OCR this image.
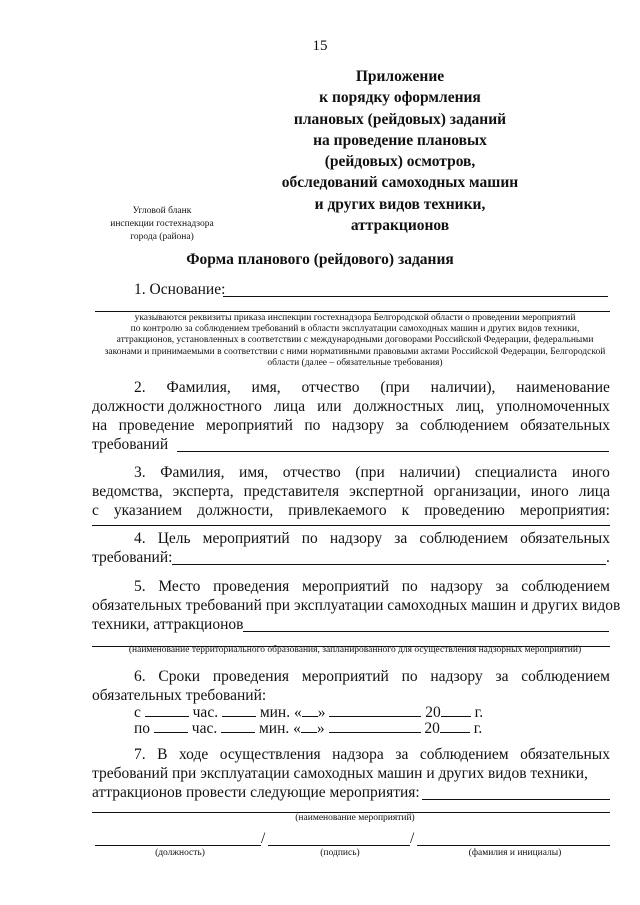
15
Приложение
к порядку оформления
плановых (рейдовых) заданий
на проведение плановых
(рейдовых) осмотров,
обследований самоходных машин
и других видов техники,
аттракционов
Угловой бланк
инспекции гостехнадзора
города (района)
Форма планового (рейдового) задания
1. Основание:
указываются реквизиты приказа инспекции гостехнадзора Белгородской области о проведении мероприятий
по контролю за соблюдением требований в области эксплуатации самоходных машин и других видов техники,
аттракционов, установленных в соответствии с международными договорами Российской Федерации, федеральными
законами и принимаемыми в соответствии с ними нормативными правовыми актами Российской Федерации, Белгородской
области (далее – обязательные требования)
2. Фамилия, имя, отчество (при наличии), наименование
должности должностного лица или должностных лиц, уполномоченных
на проведение мероприятий по надзору за соблюдением обязательных
требований
3. Фамилия, имя, отчество (при наличии) специалиста иного
ведомства, эксперта, представителя экспертной организации, иного лица
с указанием должности, привлекаемого к проведению мероприятия:
4. Цель мероприятий по надзору за соблюдением обязательных
требований:	.
5. Место проведения мероприятий по надзору за соблюдением
обязательных требований при эксплуатации самоходных машин и других видов
техники, аттракционов
(наименование территориального образования, запланированного для осуществления надзорных мероприятий)
6. Сроки проведения мероприятий по надзору за соблюдением
обязательных требований:
с	час.	мин. « »	20 г.
по	час.	мин. « »	20 г.
7. В ходе осуществления надзора за соблюдением обязательных
требований при эксплуатации самоходных машин и других видов техники,
аттракционов провести следующие мероприятия:
(наименование мероприятий)
/	/
(должность)	(подпись)	(фамилия и инициалы)
